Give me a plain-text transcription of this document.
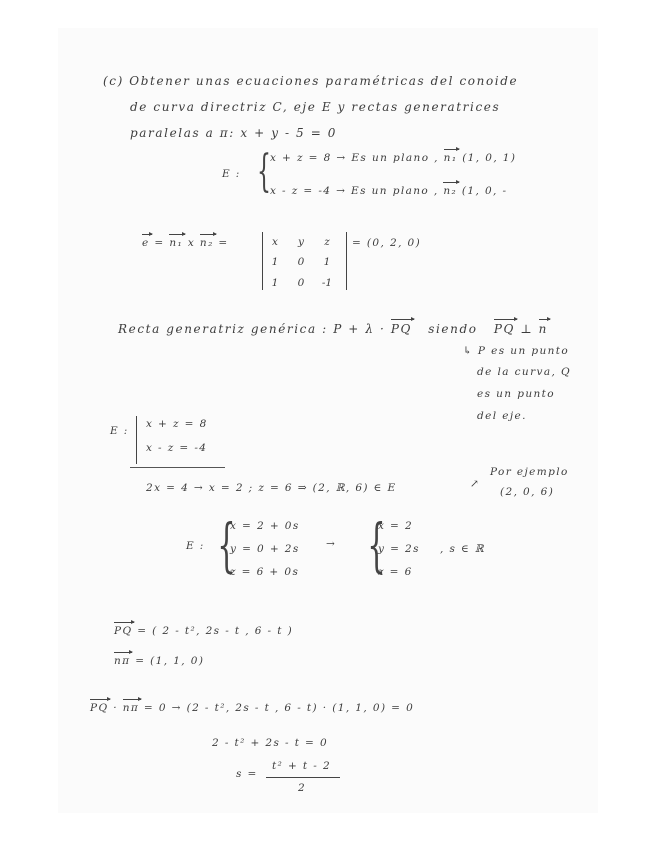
(c) Obtener unas ecuaciones paramétricas del conoide
de curva directriz C, eje E y rectas generatrices
paralelas a π: x + y - 5 = 0
E : { x + z = 8 → Es un plano , n₁ (1, 0, 1)
x - z = -4 → Es un plano , n₂ (1, 0, -
e = n₁ x n₂ =	x	y	z
1	0	1
1	0	-1
= (0, 2, 0)
Recta generatriz genérica : P + λ · PQ siendo PQ ⊥ n
↳ P es un punto
de la curva, Q
es un punto
del eje.
E :
x + z = 8
x - z = -4
2x = 4 → x = 2 ; z = 6 ⇒ (2, ℝ, 6) ∈ E	↗
Por ejemplo
(2, 0, 6)
E : {
x = 2 + 0s
y = 0 + 2s
z = 6 + 0s
→ {
x = 2
y = 2s
z = 6
, s ∈ ℝ
PQ = ( 2 - t², 2s - t , 6 - t )
nπ = (1, 1, 0)
PQ · nπ = 0 → (2 - t², 2s - t , 6 - t) · (1, 1, 0) = 0
2 - t² + 2s - t = 0
s =
t² + t - 2
2
